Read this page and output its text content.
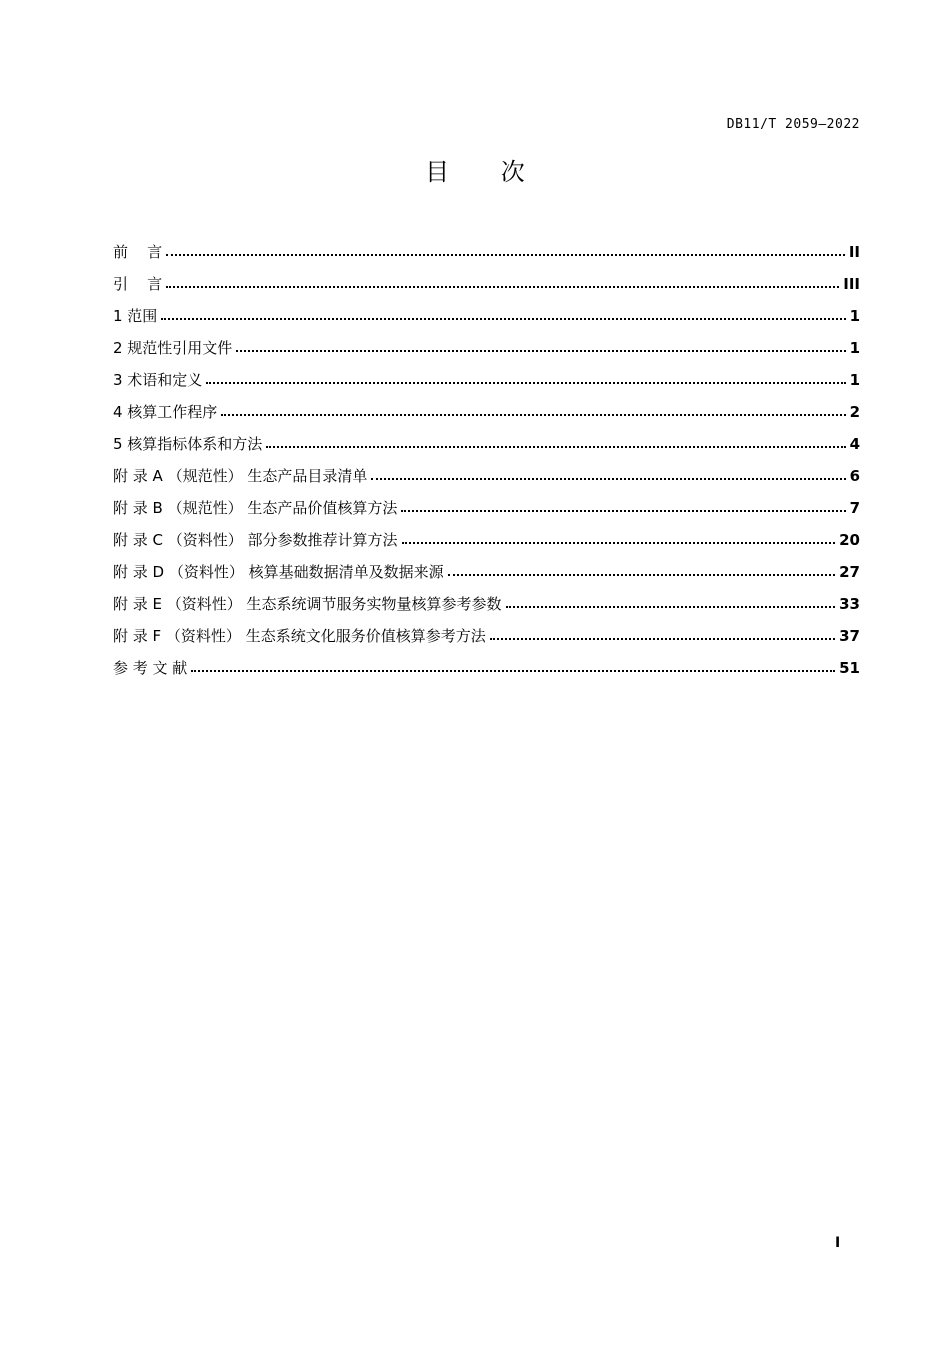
DB11/T 2059—2022
目 次
前    言	II
引    言	III
1 范围	1
2 规范性引用文件	1
3 术语和定义	1
4 核算工作程序	2
5 核算指标体系和方法	4
附 录 A （规范性） 生态产品目录清单	6
附 录 B （规范性） 生态产品价值核算方法	7
附 录 C （资料性） 部分参数推荐计算方法	20
附 录 D （资料性） 核算基础数据清单及数据来源	27
附 录 E （资料性） 生态系统调节服务实物量核算参考参数	33
附 录 F （资料性） 生态系统文化服务价值核算参考方法	37
参 考 文 献	51
I
